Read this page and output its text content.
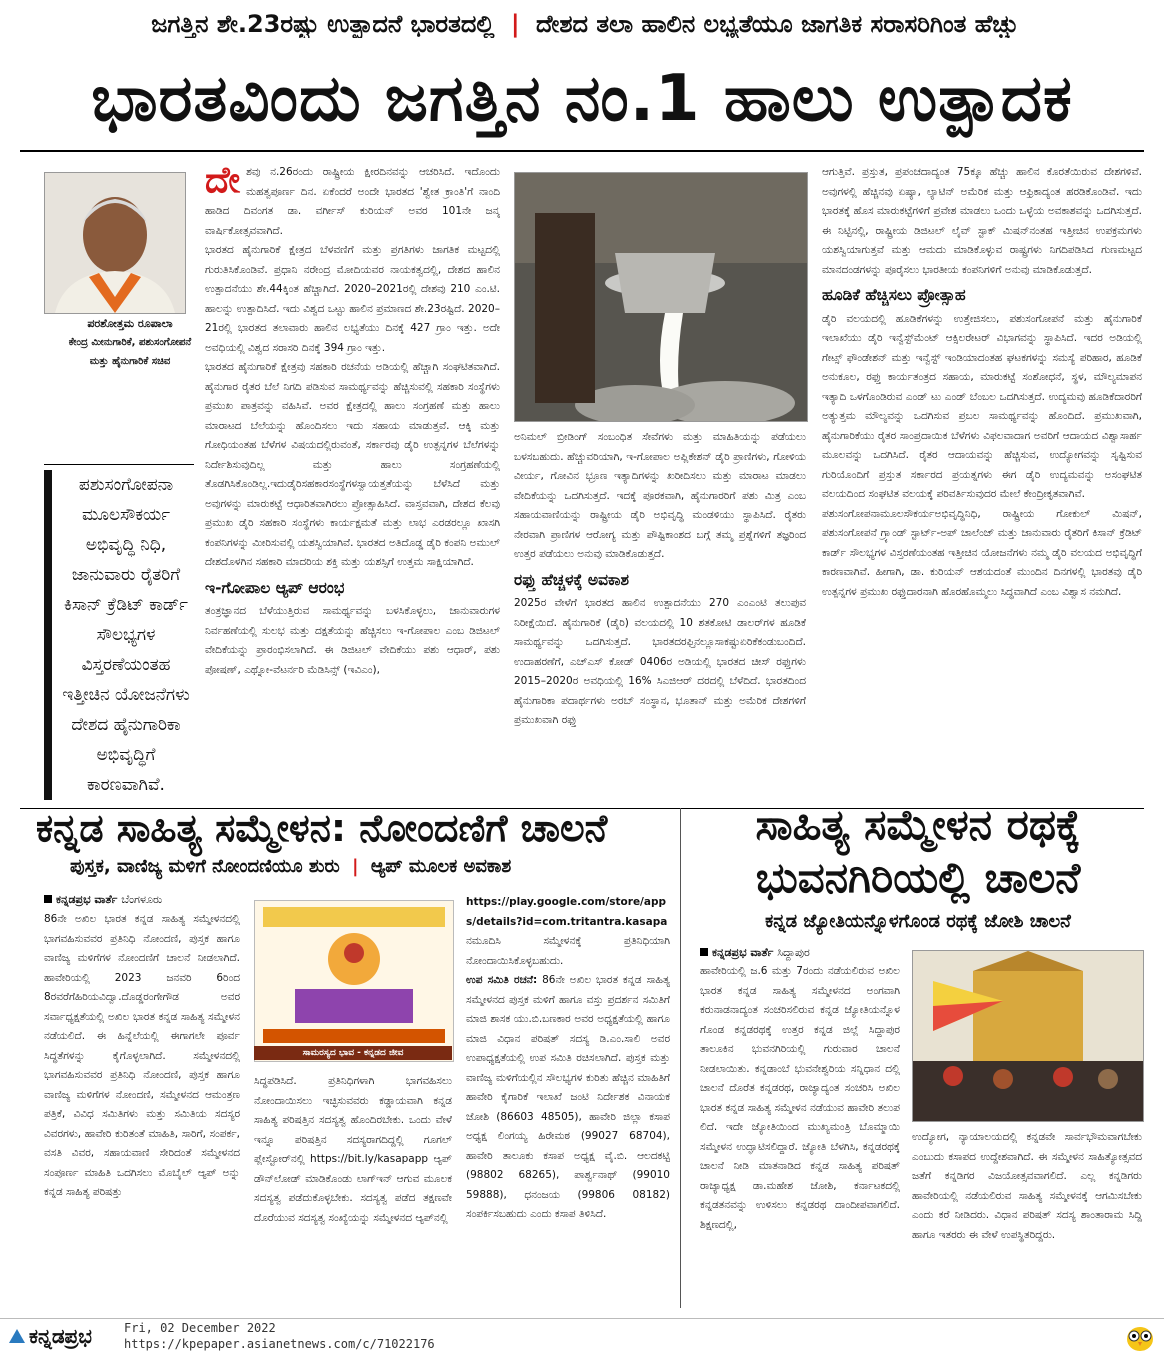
ಜಗತ್ತಿನ ಶೇ.23ರಷ್ಟು ಉತ್ಪಾದನೆ ಭಾರತದಲ್ಲಿ | ದೇಶದ ತಲಾ ಹಾಲಿನ ಲಭ್ಯತೆಯೂ ಜಾಗತಿಕ ಸರಾಸರಿಗಿಂತ ಹೆಚ್ಚು
ಭಾರತವಿಂದು ಜಗತ್ತಿನ ನಂ.1 ಹಾಲು ಉತ್ಪಾದಕ
ಪರಶೋತ್ತಮ ರೂಪಾಲಾ
ಕೇಂದ್ರ ಮೀನುಗಾರಿಕೆ, ಪಶುಸಂಗೋಪನೆ ಮತ್ತು ಹೈನುಗಾರಿಕೆ ಸಚಿವ
ಪಶುಸಂಗೋಪನಾ ಮೂಲಸೌಕರ್ಯ ಅಭಿವೃದ್ಧಿ ನಿಧಿ, ಜಾನುವಾರು ರೈತರಿಗೆ ಕಿಸಾನ್ ಕ್ರೆಡಿಟ್ ಕಾರ್ಡ್ ಸೌಲಭ್ಯಗಳ ವಿಸ್ತರಣೆಯಂತಹ ಇತ್ತೀಚಿನ ಯೋಜನೆಗಳು ದೇಶದ ಹೈನುಗಾರಿಕಾ ಅಭಿವೃದ್ಧಿಗೆ ಕಾರಣವಾಗಿವೆ.
ದೇ ಶವು ನ.26ರಂದು ರಾಷ್ಟ್ರೀಯ ಕ್ಷೀರದಿನವನ್ನು ಆಚರಿಸಿದೆ. ಇದೊಂದು ಮಹತ್ವಪೂರ್ಣ ದಿನ. ಏಕೆಂದರೆ ಅಂದೇ ಭಾರತದ 'ಶ್ವೇತ ಕ್ರಾಂತಿ'ಗೆ ನಾಂದಿ ಹಾಡಿದ ದಿವಂಗತ ಡಾ. ವರ್ಗೀಸ್ ಕುರಿಯನ್ ಅವರ 101ನೇ ಜನ್ಮ ವಾರ್ಷಿಕೋತ್ಸವವಾಗಿದೆ.

ಭಾರತದ ಹೈನುಗಾರಿಕೆ ಕ್ಷೇತ್ರದ ಬೆಳವಣಿಗೆ ಮತ್ತು ಪ್ರಗತಿಗಳು ಜಾಗತಿಕ ಮಟ್ಟದಲ್ಲಿ ಗುರುತಿಸಿಕೊಂಡಿವೆ. ಪ್ರಧಾನಿ ನರೇಂದ್ರ ಮೋದಿಯವರ ನಾಯಕತ್ವದಲ್ಲಿ, ದೇಶದ ಹಾಲಿನ ಉತ್ಪಾದನೆಯು ಶೇ.44ಕ್ಕಿಂತ ಹೆಚ್ಚಾಗಿದೆ. 2020–2021ರಲ್ಲಿ ದೇಶವು 210 ಎಂ.ಟಿ. ಹಾಲನ್ನು ಉತ್ಪಾದಿಸಿದೆ. ಇದು ವಿಶ್ವದ ಒಟ್ಟು ಹಾಲಿನ ಪ್ರಮಾಣದ ಶೇ.23ರಷ್ಟಿದೆ. 2020–21ರಲ್ಲಿ ಭಾರತದ ತಲಾವಾರು ಹಾಲಿನ ಲಭ್ಯತೆಯು ದಿನಕ್ಕೆ 427 ಗ್ರಾಂ ಇತ್ತು. ಅದೇ ಅವಧಿಯಲ್ಲಿ ವಿಶ್ವದ ಸರಾಸರಿ ದಿನಕ್ಕೆ 394 ಗ್ರಾಂ ಇತ್ತು.

ಭಾರತದ ಹೈನುಗಾರಿಕೆ ಕ್ಷೇತ್ರವು ಸಹಕಾರಿ ರಚನೆಯ ಅಡಿಯಲ್ಲಿ ಹೆಚ್ಚಾಗಿ ಸಂಘಟಿತವಾಗಿದೆ. ಹೈನುಗಾರ ರೈತರ ಬೆಲೆ ನಿಗದಿ ಪಡಿಸುವ ಸಾಮರ್ಥ್ಯವನ್ನು ಹೆಚ್ಚಿಸುವಲ್ಲಿ ಸಹಕಾರಿ ಸಂಸ್ಥೆಗಳು ಪ್ರಮುಖ ಪಾತ್ರವನ್ನು ವಹಿಸಿವೆ. ಅವರ ಕ್ಷೇತ್ರದಲ್ಲಿ ಹಾಲು ಸಂಗ್ರಹಣೆ ಮತ್ತು ಹಾಲು ಮಾರಾಟದ ಬೆಲೆಯನ್ನು ಹೊಂದಿಸಲು ಇದು ಸಹಾಯ ಮಾಡುತ್ತವೆ. ಆಕ್ಕಿ ಮತ್ತು ಗೋಧಿಯಂತಹ ಬೆಳೆಗಳ ವಿಷಯದಲ್ಲಿರುವಂತೆ, ಸರ್ಕಾರವು ಡೈರಿ ಉತ್ಪನ್ನಗಳ ಬೆಲೆಗಳನ್ನು ನಿರ್ದೇಶಿಸುವುದಿಲ್ಲ ಮತ್ತು ಹಾಲು ಸಂಗ್ರಹಣೆಯಲ್ಲಿ ತೊಡಗಿಸಿಕೊಂಡಿಲ್ಲ.ಇದುಡೈರಿಸಹಕಾರಸಂಸ್ಥೆಗಳಸ್ವಾಯತ್ತತೆಯನ್ನು ಬೆಳೆಸಿದೆ ಮತ್ತು ಅವುಗಳನ್ನು ಮಾರುಕಟ್ಟೆ ಆಧಾರಿತವಾಗಿರಲು ಪ್ರೋತ್ಸಾಹಿಸಿದೆ. ವಾಸ್ತವವಾಗಿ, ದೇಶದ ಕೆಲವು ಪ್ರಮುಖ ಡೈರಿ ಸಹಕಾರಿ ಸಂಸ್ಥೆಗಳು ಕಾರ್ಯಕ್ಷಮತೆ ಮತ್ತು ಲಾಭ ಎರಡರಲ್ಲೂ ಖಾಸಗಿ ಕಂಪನಿಗಳನ್ನು ಮೀರಿಸುವಲ್ಲಿ ಯಶಸ್ವಿಯಾಗಿವೆ. ಭಾರತದ ಅತಿದೊಡ್ಡ ಡೈರಿ ಕಂಪನಿ ಅಮುಲ್ ದೇಶದೊಳಗಿನ ಸಹಕಾರಿ ಮಾದರಿಯ ಶಕ್ತಿ ಮತ್ತು ಯಶಸ್ಸಿಗೆ ಉತ್ತಮ ಸಾಕ್ಷಿಯಾಗಿದೆ.

ಇ-ಗೋಪಾಲ ಆ್ಯಪ್ ಆರಂಭ

ತಂತ್ರಜ್ಞಾನದ ಬೆಳೆಯುತ್ತಿರುವ ಸಾಮರ್ಥ್ಯವನ್ನು ಬಳಸಿಕೊಳ್ಳಲು, ಜಾನುವಾರುಗಳ ನಿರ್ವಹಣೆಯಲ್ಲಿ ಸುಲಭ ಮತ್ತು ದಕ್ಷತೆಯನ್ನು ಹೆಚ್ಚಿಸಲು ಇ-ಗೋಪಾಲ ಎಂಬ ಡಿಜಿಟಲ್ ವೇದಿಕೆಯನ್ನು ಪ್ರಾರಂಭಿಸಲಾಗಿದೆ. ಈ ಡಿಜಿಟಲ್ ವೇದಿಕೆಯು ಪಶು ಆಧಾರ್, ಪಶು ಪೋಷಣ್, ಎಥ್ನೋ-ವೆಟರ್ನರಿ ಮೆಡಿಸಿನ್ಸ್ (ಇವಿಎಂ),

ಅನಿಮಲ್ ಬ್ರೀಡಿಂಗ್ ಸಂಬಂಧಿತ ಸೇವೆಗಳು ಮತ್ತು ಮಾಹಿತಿಯನ್ನು ಪಡೆಯಲು ಬಳಸಬಹುದು. ಹೆಚ್ಚುವರಿಯಾಗಿ, ಇ-ಗೋಪಾಲ ಅಪ್ಲಿಕೇಶನ್ ಡೈರಿ ಪ್ರಾಣಿಗಳು, ಗೋಳಿಯ ವೀರ್ಯ, ಗೋವಿನ ಭ್ರೂಣ ಇತ್ಯಾದಿಗಳನ್ನು ಖರೀದಿಸಲು ಮತ್ತು ಮಾರಾಟ ಮಾಡಲು ವೇದಿಕೆಯನ್ನು ಒದಗಿಸುತ್ತದೆ. ಇದಕ್ಕೆ ಪೂರಕವಾಗಿ, ಹೈನುಗಾರರಿಗೆ ಪಶು ಮಿತ್ರ ಎಂಬ ಸಹಾಯವಾಣಿಯನ್ನು ರಾಷ್ಟ್ರೀಯ ಡೈರಿ ಅಭಿವೃದ್ಧಿ ಮಂಡಳಿಯು ಸ್ಥಾಪಿಸಿದೆ. ರೈತರು ನೇರವಾಗಿ ಪ್ರಾಣಿಗಳ ಆರೋಗ್ಯ ಮತ್ತು ಪೌಷ್ಟಿಕಾಂಶದ ಬಗ್ಗೆ ತಮ್ಮ ಪ್ರಶ್ನೆಗಳಿಗೆ ತಜ್ಞರಿಂದ ಉತ್ತರ ಪಡೆಯಲು ಅನುವು ಮಾಡಿಕೊಡುತ್ತದೆ.

ರಫ್ತು ಹೆಚ್ಚಳಕ್ಕೆ ಅವಕಾಶ

2025ರ ವೇಳೆಗೆ ಭಾರತದ ಹಾಲಿನ ಉತ್ಪಾದನೆಯು 270 ಎಂಎಂಟಿ ತಲುಪುವ ನಿರೀಕ್ಷೆಯಿದೆ. ಹೈನುಗಾರಿಕೆ (ಡೈರಿ) ವಲಯದಲ್ಲಿ 10 ಶತಕೋಟಿ ಡಾಲರ್‌ಗಳ ಹೂಡಿಕೆ ಸಾಮರ್ಥ್ಯವನ್ನು ಒದಗಿಸುತ್ತದೆ. ಭಾರತದರಫ್ತಿನಲ್ಲೂಸಾಕಷ್ಟುಏರಿಕೆಕಂಡುಬಂದಿದೆ. ಉದಾಹರಣೆಗೆ, ಎಚ್‌ಎಸ್ ಕೋಡ್ 0406ರ ಅಡಿಯಲ್ಲಿ ಭಾರತದ ಚೀಸ್ ರಫ್ತುಗಳು 2015–2020ರ ಅವಧಿಯಲ್ಲಿ 16% ಸಿಎಜಿಆರ್ ದರದಲ್ಲಿ ಬೆಳೆದಿದೆ. ಭಾರತದಿಂದ ಹೈನುಗಾರಿಕಾ ಪದಾರ್ಥಗಳು ಅರಬ್ ಸಂಸ್ಥಾನ, ಭೂತಾನ್ ಮತ್ತು ಅಮೆರಿಕ ದೇಶಗಳಿಗೆ ಪ್ರಮುಖವಾಗಿ ರಫ್ತು

ಆಗುತ್ತಿವೆ. ಪ್ರಸ್ತುತ, ಪ್ರಪಂಚದಾದ್ಯಂತ 75ಕ್ಕೂ ಹೆಚ್ಚು ಹಾಲಿನ ಕೊರತೆಯಿರುವ ದೇಶಗಳಿವೆ. ಅವುಗಳಲ್ಲಿ ಹೆಚ್ಚಿನವು ಏಷ್ಯಾ, ಲ್ಯಾಟಿನ್ ಅಮೆರಿಕ ಮತ್ತು ಆಫ್ರಿಕಾದ್ಯಂತ ಹರಡಿಕೊಂಡಿವೆ. ಇದು ಭಾರತಕ್ಕೆ ಹೊಸ ಮಾರುಕಟ್ಟೆಗಳಿಗೆ ಪ್ರವೇಶ ಮಾಡಲು ಒಂದು ಒಳ್ಳೆಯ ಅವಕಾಶವನ್ನು ಒದಗಿಸುತ್ತದೆ. ಈ ನಿಟ್ಟಿನಲ್ಲಿ, ರಾಷ್ಟ್ರೀಯ ಡಿಜಿಟಲ್ ಲೈವ್ ಸ್ಟಾಕ್ ಮಿಷನ್‌ನಂತಹ ಇತ್ತೀಚಿನ ಉಪಕ್ರಮಗಳು ಯಶಸ್ವಿಯಾಗುತ್ತವೆ ಮತ್ತು ಆಮದು ಮಾಡಿಕೊಳ್ಳುವ ರಾಷ್ಟ್ರಗಳು ನಿಗದಿಪಡಿಸಿದ ಗುಣಮಟ್ಟದ ಮಾನದಂಡಗಳನ್ನು ಪೂರೈಸಲು ಭಾರತೀಯ ಕಂಪನಿಗಳಿಗೆ ಅನುವು ಮಾಡಿಕೊಡುತ್ತದೆ.

ಹೂಡಿಕೆ ಹೆಚ್ಚಿಸಲು ಪ್ರೋತ್ಸಾಹ

ಡೈರಿ ವಲಯದಲ್ಲಿ ಹೂಡಿಕೆಗಳನ್ನು ಉತ್ತೇಜಿಸಲು, ಪಶುಸಂಗೋಪನೆ ಮತ್ತು ಹೈನುಗಾರಿಕೆ ಇಲಾಖೆಯು ಡೈರಿ ಇನ್ವೆಸ್ಟ್‌ಮೆಂಟ್ ಆಕ್ಸಿಲರೇಟರ್ ವಿಭಾಗವನ್ನು ಸ್ಥಾಪಿಸಿದೆ. ಇದರ ಅಡಿಯಲ್ಲಿ ಗೇಟ್ಸ್ ಫೌಂಡೇಶನ್ ಮತ್ತು ಇನ್ವೆಸ್ಟ್ ಇಂಡಿಯಾದಂತಹ ಘಟಕಗಳನ್ನು ಸಮಸ್ಯೆ ಪರಿಹಾರ, ಹೂಡಿಕೆ ಅನುಕೂಲ, ರಫ್ತು ಕಾರ್ಯತಂತ್ರದ ಸಹಾಯ, ಮಾರುಕಟ್ಟೆ ಸಂಶೋಧನೆ, ಸ್ಥಳ, ಮೌಲ್ಯಮಾಪನ ಇತ್ಯಾದಿ ಒಳಗೊಂಡಿರುವ ಎಂಡ್ ಟು ಎಂಡ್ ಬೆಂಬಲ ಒದಗಿಸುತ್ತದೆ. ಉದ್ಯಮವು ಹೂಡಿಕೆದಾರರಿಗೆ ಅತ್ಯುತ್ತಮ ಮೌಲ್ಯವನ್ನು ಒದಗಿಸುವ ಪ್ರಬಲ ಸಾಮರ್ಥ್ಯವನ್ನು ಹೊಂದಿದೆ. ಪ್ರಮುಖವಾಗಿ, ಹೈನುಗಾರಿಕೆಯು ರೈತರ ಸಾಂಪ್ರದಾಯಿಕ ಬೆಳೆಗಳು ವಿಫಲವಾದಾಗ ಅವರಿಗೆ ಆದಾಯದ ವಿಶ್ವಾಸಾರ್ಹ ಮೂಲವನ್ನು ಒದಗಿಸಿದೆ. ರೈತರ ಆದಾಯವನ್ನು ಹೆಚ್ಚಿಸುವ, ಉದ್ಯೋಗವನ್ನು ಸೃಷ್ಟಿಸುವ ಗುರಿಯೊಂದಿಗೆ ಪ್ರಸ್ತುತ ಸರ್ಕಾರದ ಪ್ರಯತ್ನಗಳು ಈಗ ಡೈರಿ ಉದ್ಯಮವನ್ನು ಅಸಂಘಟಿತ ವಲಯದಿಂದ ಸಂಘಟಿತ ವಲಯಕ್ಕೆ ಪರಿವರ್ತಿಸುವುದರ ಮೇಲೆ ಕೇಂದ್ರೀಕೃತವಾಗಿವೆ.

ಪಶುಸಂಗೋಪನಾಮೂಲಸೌಕರ್ಯಅಭಿವೃದ್ಧಿನಿಧಿ, ರಾಷ್ಟ್ರೀಯ ಗೋಕುಲ್ ಮಿಷನ್, ಪಶುಸಂಗೋಪನೆ ಗ್ರ್ಯಾಂಡ್ ಸ್ಟಾರ್ಟ್-ಅಪ್ ಚಾಲೆಂಜ್ ಮತ್ತು ಜಾನುವಾರು ರೈತರಿಗೆ ಕಿಸಾನ್ ಕ್ರೆಡಿಟ್ ಕಾರ್ಡ್ ಸೌಲಭ್ಯಗಳ ವಿಸ್ತರಣೆಯಂತಹ ಇತ್ತೀಚಿನ ಯೋಜನೆಗಳು ನಮ್ಮ ಡೈರಿ ವಲಯದ ಅಭಿವೃದ್ಧಿಗೆ ಕಾರಣವಾಗಿವೆ. ಹೀಗಾಗಿ, ಡಾ. ಕುರಿಯನ್ ಆಶಯದಂತೆ ಮುಂದಿನ ದಿನಗಳಲ್ಲಿ ಭಾರತವು ಡೈರಿ ಉತ್ಪನ್ನಗಳ ಪ್ರಮುಖ ರಫ್ತುದಾರನಾಗಿ ಹೊರಹೊಮ್ಮಲು ಸಿದ್ಧವಾಗಿದೆ ಎಂಬ ವಿಶ್ವಾಸ ನಮಗಿದೆ.

ಕನ್ನಡ ಸಾಹಿತ್ಯ ಸಮ್ಮೇಳನ: ನೋಂದಣಿಗೆ ಚಾಲನೆ
ಪುಸ್ತಕ, ವಾಣಿಜ್ಯ ಮಳಿಗೆ ನೋಂದಣಿಯೂ ಶುರು | ಆ್ಯಪ್ ಮೂಲಕ ಅವಕಾಶ
ಕನ್ನಡಪ್ರಭ ವಾರ್ತೆ ಬೆಂಗಳೂರು
86ನೇ ಅಖಿಲ ಭಾರತ ಕನ್ನಡ ಸಾಹಿತ್ಯ ಸಮ್ಮೇಳನದಲ್ಲಿ ಭಾಗವಹಿಸುವವರ ಪ್ರತಿನಿಧಿ ನೋಂದಣಿ, ಪುಸ್ತಕ ಹಾಗೂ ವಾಣಿಜ್ಯ ಮಳಿಗೆಗಳ ನೋಂದಣಿಗೆ ಚಾಲನೆ ನೀಡಲಾಗಿದೆ. ಹಾವೇರಿಯಲ್ಲಿ 2023 ಜನವರಿ 6ರಿಂದ 8ರವರೆಗೆಹಿರಿಯವಿದ್ವಾ.ದೊಡ್ಡರಂಗೇಗೌಡ ಅವರ ಸರ್ವಾಧ್ಯಕ್ಷತೆಯಲ್ಲಿ ಅಖಿಲ ಭಾರತ ಕನ್ನಡ ಸಾಹಿತ್ಯ ಸಮ್ಮೇಳನ ನಡೆಯಲಿದೆ. ಈ ಹಿನ್ನೆಲೆಯಲ್ಲಿ ಈಗಾಗಲೇ ಪೂರ್ವ ಸಿದ್ಧತೆಗಳನ್ನು ಕೈಗೊಳ್ಳಲಾಗಿದೆ. ಸಮ್ಮೇಳನದಲ್ಲಿ ಭಾಗವಹಿಸುವವರ ಪ್ರತಿನಿಧಿ ನೋಂದಣಿ, ಪುಸ್ತಕ ಹಾಗೂ ವಾಣಿಜ್ಯ ಮಳಿಗೆಗಳ ನೋಂದಣಿ, ಸಮ್ಮೇಳನದ ಆಮಂತ್ರಣ ಪತ್ರಿಕೆ, ವಿವಿಧ ಸಮಿತಿಗಳು ಮತ್ತು ಸಮಿತಿಯ ಸದಸ್ಯರ ವಿವರಗಳು, ಹಾವೇರಿ ಕುರಿತಂತೆ ಮಾಹಿತಿ, ಸಾರಿಗೆ, ಸಂಪರ್ಕ, ವಸತಿ ವಿವರ, ಸಹಾಯವಾಣಿ ಸೇರಿದಂತೆ ಸಮ್ಮೇಳನದ ಸಂಪೂರ್ಣ ಮಾಹಿತಿ ಒದಗಿಸಲು ಮೊಬೈಲ್ ಆ್ಯಪ್ ಅನ್ನು ಕನ್ನಡ ಸಾಹಿತ್ಯ ಪರಿಷತ್ತು
ಸಾಮರಸ್ಯದ ಭಾವ - ಕನ್ನಡದ ಜೀವ
ಸಿದ್ಧಪಡಿಸಿದೆ. ಪ್ರತಿನಿಧಿಗಳಾಗಿ ಭಾಗವಹಿಸಲು ನೋಂದಾಯಿಸಲು ಇಚ್ಛಿಸುವವರು ಕಡ್ಡಾಯವಾಗಿ ಕನ್ನಡ ಸಾಹಿತ್ಯ ಪರಿಷತ್ತಿನ ಸದಸ್ಯತ್ವ ಹೊಂದಿರಬೇಕು. ಒಂದು ವೇಳೆ ಇನ್ನೂ ಪರಿಷತ್ತಿನ ಸದಸ್ಯರಾಗದಿದ್ದಲ್ಲಿ ಗೂಗಲ್ ಪ್ಲೇಸ್ಟೋರ್‌ನಲ್ಲಿ https://bit.ly/kasapapp ಆ್ಯಪ್ ಡೌನ್‌ಲೋಡ್ ಮಾಡಿಕೊಂಡು ಲಾಗ್‌ಇನ್ ಆಗುವ ಮೂಲಕ ಸದಸ್ಯತ್ವ ಪಡೆದುಕೊಳ್ಳಬೇಕು. ಸದಸ್ಯತ್ವ ಪಡೆದ ತಕ್ಷಣವೇ ದೊರೆಯುವ ಸದಸ್ಯತ್ವ ಸಂಖ್ಯೆಯನ್ನು ಸಮ್ಮೇಳನದ ಆ್ಯಪ್‌ನಲ್ಲಿ

https://play.google.com/store/apps/details?id=com.tritantra.kasapa

ನಮೂದಿಸಿ ಸಮ್ಮೇಳನಕ್ಕೆ ಪ್ರತಿನಿಧಿಯಾಗಿ ನೋಂದಾಯಿಸಿಕೊಳ್ಳಬಹುದು.

ಉಪ ಸಮಿತಿ ರಚನೆ: 86ನೇ ಅಖಿಲ ಭಾರತ ಕನ್ನಡ ಸಾಹಿತ್ಯ ಸಮ್ಮೇಳನದ ಪುಸ್ತಕ ಮಳಿಗೆ ಹಾಗೂ ವಸ್ತು ಪ್ರದರ್ಶನ ಸಮಿತಿಗೆ ಮಾಜಿ ಶಾಸಕ ಯು.ಬಿ.ಬಣಕಾರ ಅವರ ಅಧ್ಯಕ್ಷತೆಯಲ್ಲಿ ಹಾಗೂ ಮಾಜಿ ವಿಧಾನ ಪರಿಷತ್ ಸದಸ್ಯ ಡಿ.ಎಂ.ಸಾಲಿ ಅವರ ಉಪಾಧ್ಯಕ್ಷತೆಯಲ್ಲಿ ಉಪ ಸಮಿತಿ ರಚಿಸಲಾಗಿದೆ. ಪುಸ್ತಕ ಮತ್ತು ವಾಣಿಜ್ಯ ಮಳಿಗೆಯಲ್ಲಿನ ಸೌಲಭ್ಯಗಳ ಕುರಿತು ಹೆಚ್ಚಿನ ಮಾಹಿತಿಗೆ ಹಾವೇರಿ ಕೈಗಾರಿಕೆ ಇಲಾಖೆ ಜಂಟಿ ನಿರ್ದೇಶಕ ವಿನಾಯಕ ಜೋಶಿ (86603 48505), ಹಾವೇರಿ ಜಿಲ್ಲಾ ಕಸಾಪ ಅಧ್ಯಕ್ಷ ಲಿಂಗಯ್ಯ ಹಿರೇಮಠ (99027 68704), ಹಾವೇರಿ ತಾಲೂಕು ಕಸಾಪ ಅಧ್ಯಕ್ಷ ವೈ.ಬಿ. ಆಲದಕಟ್ಟಿ (98802 68265), ಪಾರ್ಶ್ವನಾಥ್ (99010 59888), ಧನಂಜಯ (99806 08182) ಸಂಪರ್ಕಿಸಬಹುದು ಎಂದು ಕಸಾಪ ತಿಳಿಸಿದೆ.

ಸಾಹಿತ್ಯ ಸಮ್ಮೇಳನ ರಥಕ್ಕೆ
ಭುವನಗಿರಿಯಲ್ಲಿ ಚಾಲನೆ
ಕನ್ನಡ ಜ್ಯೋತಿಯನ್ನೊಳಗೊಂಡ ರಥಕ್ಕೆ ಜೋಶಿ ಚಾಲನೆ
ಕನ್ನಡಪ್ರಭ ವಾರ್ತೆ ಸಿದ್ದಾಪುರ
ಹಾವೇರಿಯಲ್ಲಿ ಜ.6 ಮತ್ತು 7ರಂದು ನಡೆಯಲಿರುವ ಅಖಿಲ ಭಾರತ ಕನ್ನಡ ಸಾಹಿತ್ಯ ಸಮ್ಮೇಳನದ ಅಂಗವಾಗಿ ಕರುನಾಡನಾದ್ಯಂತ ಸಂಚರಿಸಲಿರುವ ಕನ್ನಡ ಜ್ಯೋತಿಯನ್ನೊಳ ಗೊಂಡ ಕನ್ನಡರಥಕ್ಕೆ ಉತ್ತರ ಕನ್ನಡ ಜಿಲ್ಲೆ ಸಿದ್ದಾಪುರ ತಾಲೂಕಿನ ಭುವನಗಿರಿಯಲ್ಲಿ ಗುರುವಾರ ಚಾಲನೆ ನೀಡಲಾಯಿತು. ಕನ್ನಡಾಂಬೆ ಭುವನೇಶ್ವರಿಯ ಸನ್ನಿಧಾನ ದಲ್ಲಿ ಚಾಲನೆ ದೊರೆತ ಕನ್ನಡರಥ, ರಾಜ್ಯಾದ್ಯಂತ ಸಂಚರಿಸಿ ಅಖಿಲ ಭಾರತ ಕನ್ನಡ ಸಾಹಿತ್ಯ ಸಮ್ಮೇಳನ ನಡೆಯುವ ಹಾವೇರಿ ತಲುಪ ಲಿದೆ. ಇದೇ ಜ್ಯೋತಿಯಿಂದ ಮುಖ್ಯಮಂತ್ರಿ ಬೊಮ್ಮಾಯಿ ಸಮ್ಮೇಳನ ಉದ್ಘಾಟಿಸಲಿದ್ದಾರೆ. ಜ್ಯೋತಿ ಬೆಳಗಿಸಿ, ಕನ್ನಡರಥಕ್ಕೆ ಚಾಲನೆ ನೀಡಿ ಮಾತನಾಡಿದ ಕನ್ನಡ ಸಾಹಿತ್ಯ ಪರಿಷತ್ ರಾಜ್ಯಾಧ್ಯಕ್ಷ ಡಾ.ಮಹೇಶ ಜೋಶಿ, ಕರ್ನಾಟಕದಲ್ಲಿ ಕನ್ನಡತನವನ್ನು ಉಳಿಸಲು ಕನ್ನಡರಥ ದಾಂದೀಪವಾಗಲಿದೆ. ಶಿಕ್ಷಣದಲ್ಲಿ,
ಉದ್ಯೋಗ, ನ್ಯಾಯಾಲಯದಲ್ಲಿ ಕನ್ನಡವೇ ಸಾರ್ವಭೌಮವಾಗಬೇಕು ಎಂಬುದು ಕಸಾಪದ ಉದ್ದೇಶವಾಗಿದೆ. ಈ ಸಮ್ಮೇಳನ ಸಾಹಿತ್ಯೋತ್ಸವದ ಜತೆಗೆ ಕನ್ನಡಿಗರ ವಿಜಯೋತ್ಸವವಾಗಲಿದೆ. ಎಲ್ಲ ಕನ್ನಡಿಗರು ಹಾವೇರಿಯಲ್ಲಿ ನಡೆಯಲಿರುವ ಸಾಹಿತ್ಯ ಸಮ್ಮೇಳನಕ್ಕೆ ಆಗಮಿಸಬೇಕು ಎಂದು ಕರೆ ನೀಡಿದರು. ವಿಧಾನ ಪರಿಷತ್ ಸದಸ್ಯ ಶಾಂತಾರಾಮ ಸಿದ್ದಿ ಹಾಗೂ ಇತರರು ಈ ವೇಳೆ ಉಪಸ್ಥಿತರಿದ್ದರು.
ಕನ್ನಡಪ್ರಭ	Fri, 02 December 2022
https://kpepaper.asianetnews.com/c/71022176
